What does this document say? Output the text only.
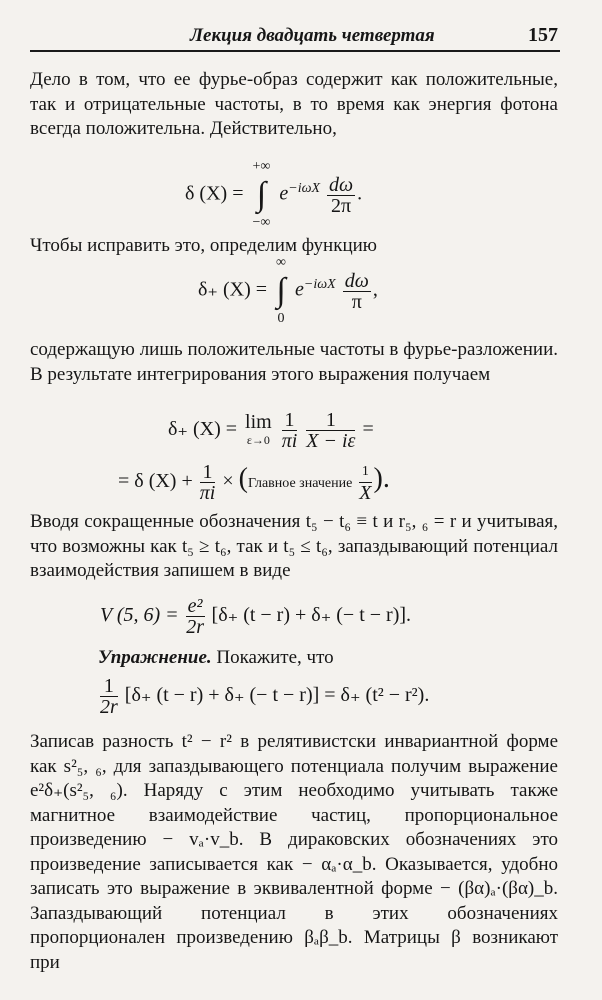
Лекция двадцать четвертая	157
Дело в том, что ее фурье-образ содержит как положительные, так и отрицательные частоты, в то время как энергия фотона всегда положительна. Действительно,
δ (X) =
+∞
∫
−∞
$e^{-i\omega X} \frac{d\omega}{2\pi}$ .
Чтобы исправить это, определим функцию
δ₊ (X) =
∞
∫
0
$e^{-i\omega X} \frac{d\omega}{\pi}$ ,
содержащую лишь положительные частоты в фурье-разложении. В результате интегрирования этого выражения получаем
δ₊ (X) = lim
ε→0
$\frac{1}{\pi i}$
$\frac{1}{X - i\varepsilon}$ =
= δ $(X) + \frac{1}{\pi i}$ × (Главное значение $\frac{1}{X}$ ).
Вводя сокращенные обозначения t₅ − t₆ ≡ t и r₅, ₆ = r и учитывая, что возможны как t₅ ≥ t₆, так и t₅ ≤ t₆, запаздывающий потенциал взаимодействия запишем в виде
V (5, $6) = \frac{\text{e²}}{2r} [\delta_+$ (t − r) + δ₊ (− t − r)].
Упражнение. Покажите, что
$\frac{1}{2r} [\delta_+$ (t − r) + δ₊ (− t − r)] = δ₊ (t² − r²).
Записав разность t² − r² в релятивистски инвариантной форме как s²₅, ₆, для запаздывающего потенциала получим выражение e²δ₊(s²₅, ₆). Наряду с этим необходимо учитывать также магнитное взаимодействие частиц, пропорциональное произведению − vₐ·v_b. В дираковских обозначениях это произведение записывается как − αₐ·α_b. Оказывается, удобно записать это выражение в эквивалентной форме − (βα)ₐ·(βα)_b. Запаздывающий потенциал в этих обозначениях пропорционален произведению βₐβ_b. Матрицы β возникают при
